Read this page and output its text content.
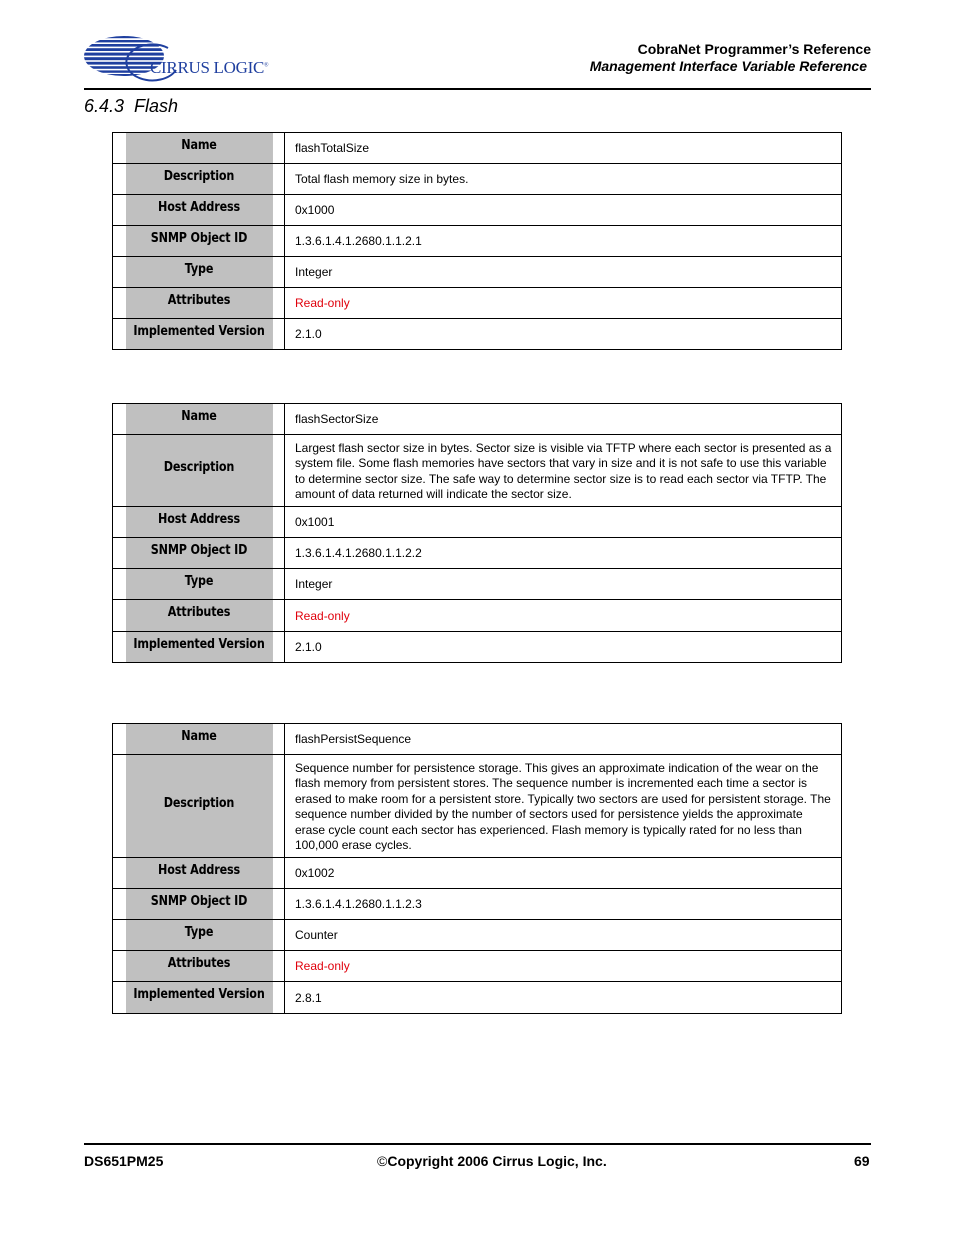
CIRRUS LOGIC®
CobraNet Programmer’s Reference
Management Interface Variable Reference
6.4.3 Flash
Name	flashTotalSize
Description	Total flash memory size in bytes.
Host Address	0x1000
SNMP Object ID	1.3.6.1.4.1.2680.1.1.2.1
Type	Integer
Attributes	Read-only
Implemented Version	2.1.0
Name	flashSectorSize
Description	Largest flash sector size in bytes. Sector size is visible via TFTP where each sector is presented as a system file. Some flash memories have sectors that vary in size and it is not safe to use this variable to determine sector size. The safe way to determine sector size is to read each sector via TFTP. The amount of data returned will indicate the sector size.
Host Address	0x1001
SNMP Object ID	1.3.6.1.4.1.2680.1.1.2.2
Type	Integer
Attributes	Read-only
Implemented Version	2.1.0
Name	flashPersistSequence
Description	Sequence number for persistence storage. This gives an approximate indication of the wear on the flash memory from persistent stores. The sequence number is incremented each time a sector is erased to make room for a persistent store. Typically two sectors are used for persistent storage. The sequence number divided by the number of sectors used for persistence yields the approximate erase cycle count each sector has experienced. Flash memory is typically rated for no less than 100,000 erase cycles.
Host Address	0x1002
SNMP Object ID	1.3.6.1.4.1.2680.1.1.2.3
Type	Counter
Attributes	Read-only
Implemented Version	2.8.1
DS651PM25	©Copyright 2006 Cirrus Logic, Inc.	69
